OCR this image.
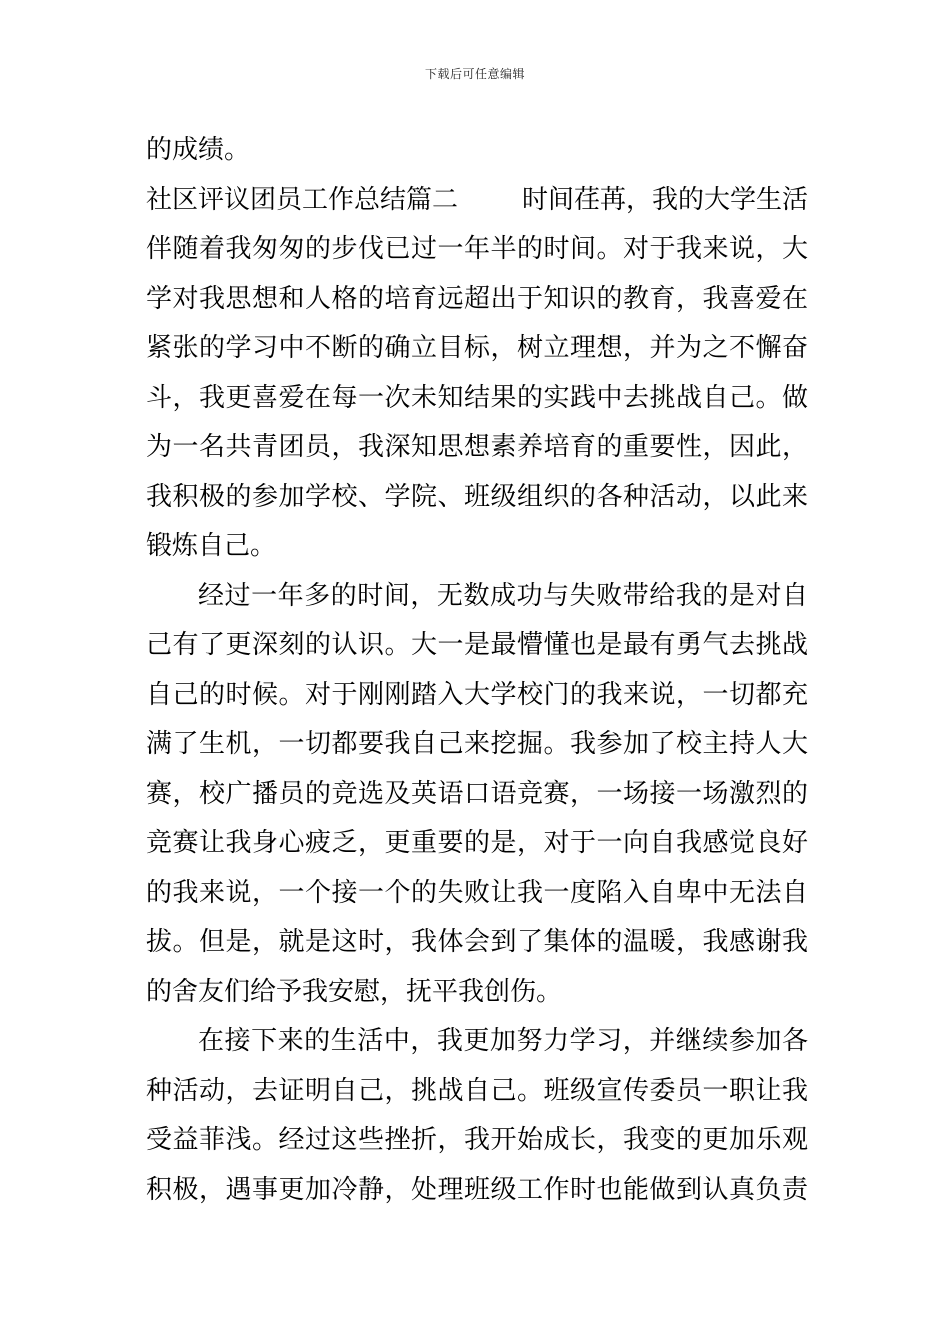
下载后可任意编辑
的成绩。
社区评议团员工作总结篇二 时间荏苒，我的大学生活
伴随着我匆匆的步伐已过一年半的时间。对于我来说，大
学对我思想和人格的培育远超出于知识的教育，我喜爱在
紧张的学习中不断的确立目标，树立理想，并为之不懈奋
斗，我更喜爱在每一次未知结果的实践中去挑战自己。做
为一名共青团员，我深知思想素养培育的重要性，因此，
我积极的参加学校、学院、班级组织的各种活动，以此来
锻炼自己。
经过一年多的时间，无数成功与失败带给我的是对自
己有了更深刻的认识。大一是最懵懂也是最有勇气去挑战
自己的时候。对于刚刚踏入大学校门的我来说，一切都充
满了生机，一切都要我自己来挖掘。我参加了校主持人大
赛，校广播员的竞选及英语口语竞赛，一场接一场激烈的
竞赛让我身心疲乏，更重要的是，对于一向自我感觉良好
的我来说，一个接一个的失败让我一度陷入自卑中无法自
拔。但是，就是这时，我体会到了集体的温暖，我感谢我
的舍友们给予我安慰，抚平我创伤。
在接下来的生活中，我更加努力学习，并继续参加各
种活动，去证明自己，挑战自己。班级宣传委员一职让我
受益菲浅。经过这些挫折，我开始成长，我变的更加乐观
积极，遇事更加冷静，处理班级工作时也能做到认真负责
